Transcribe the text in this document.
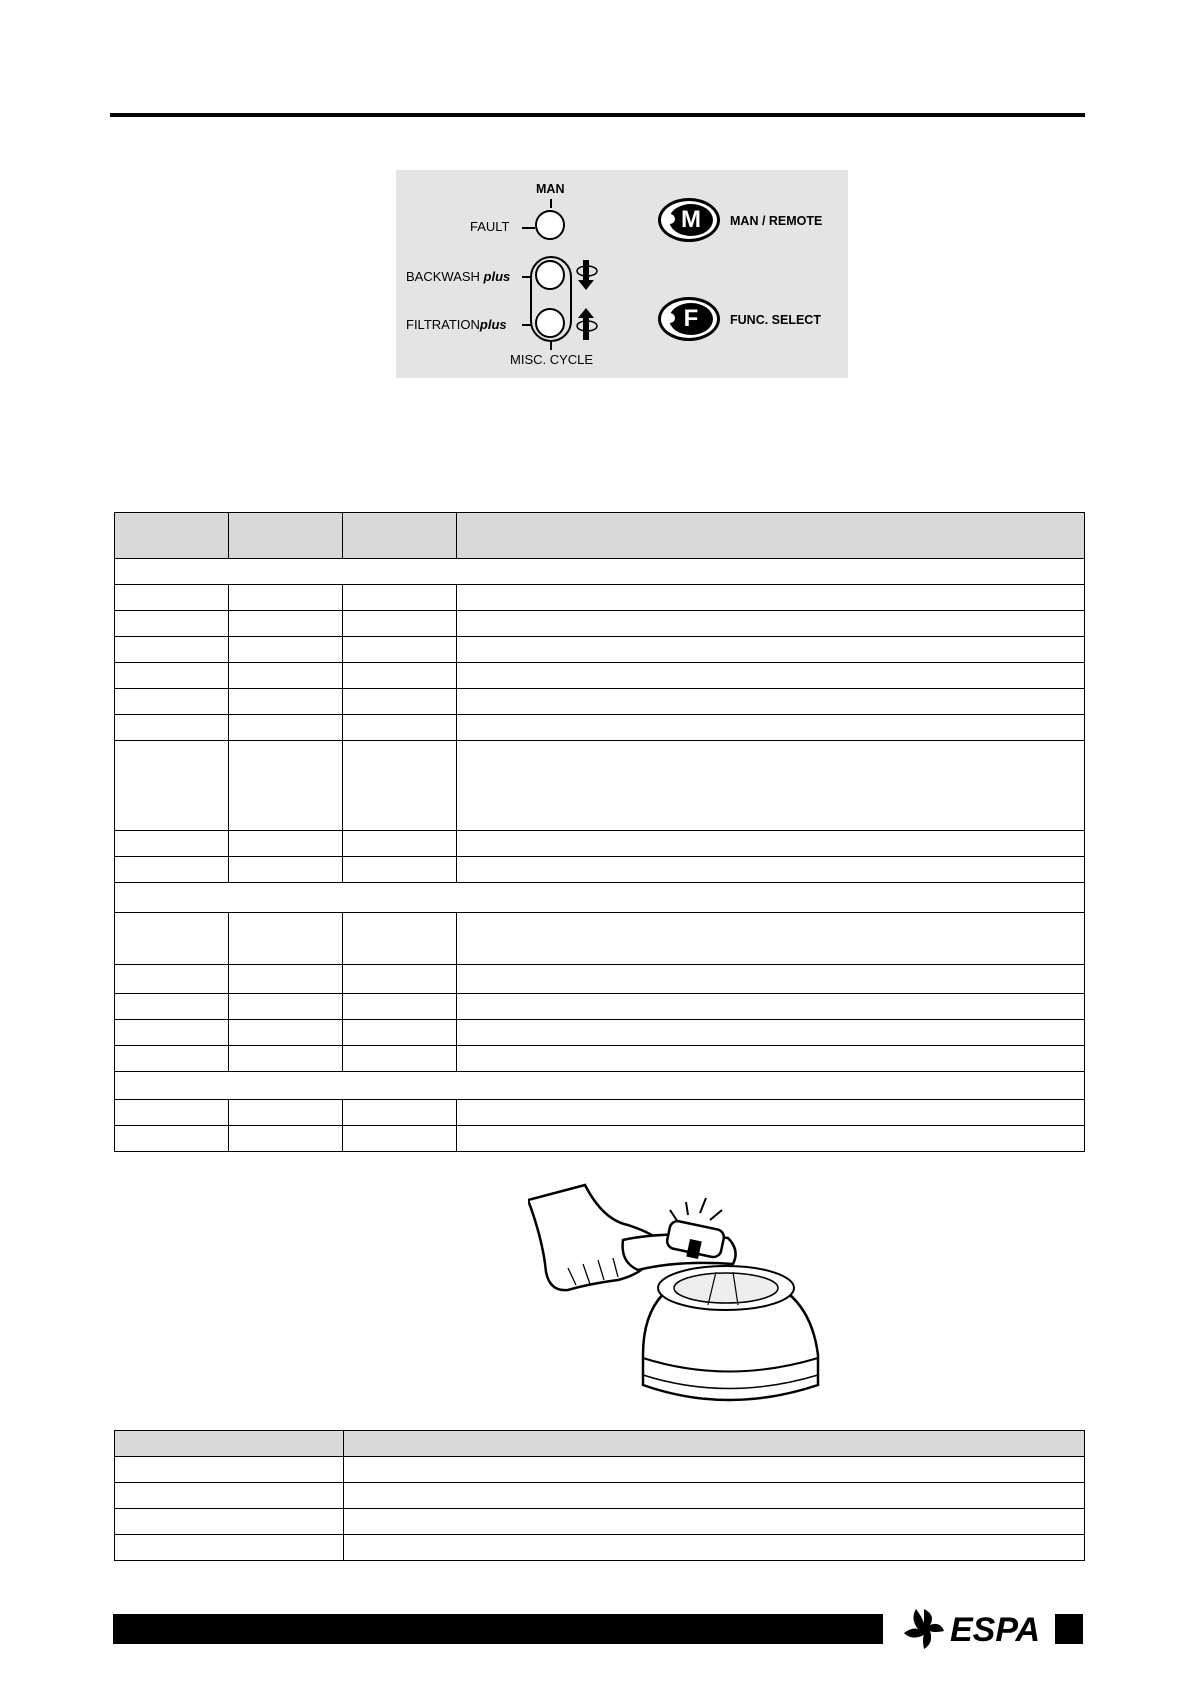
MAN
FAULT
BACKWASH plus
FILTRATIONplus
MISC. CYCLE
M	MAN / REMOTE
F	FUNC. SELECT

ESPA
